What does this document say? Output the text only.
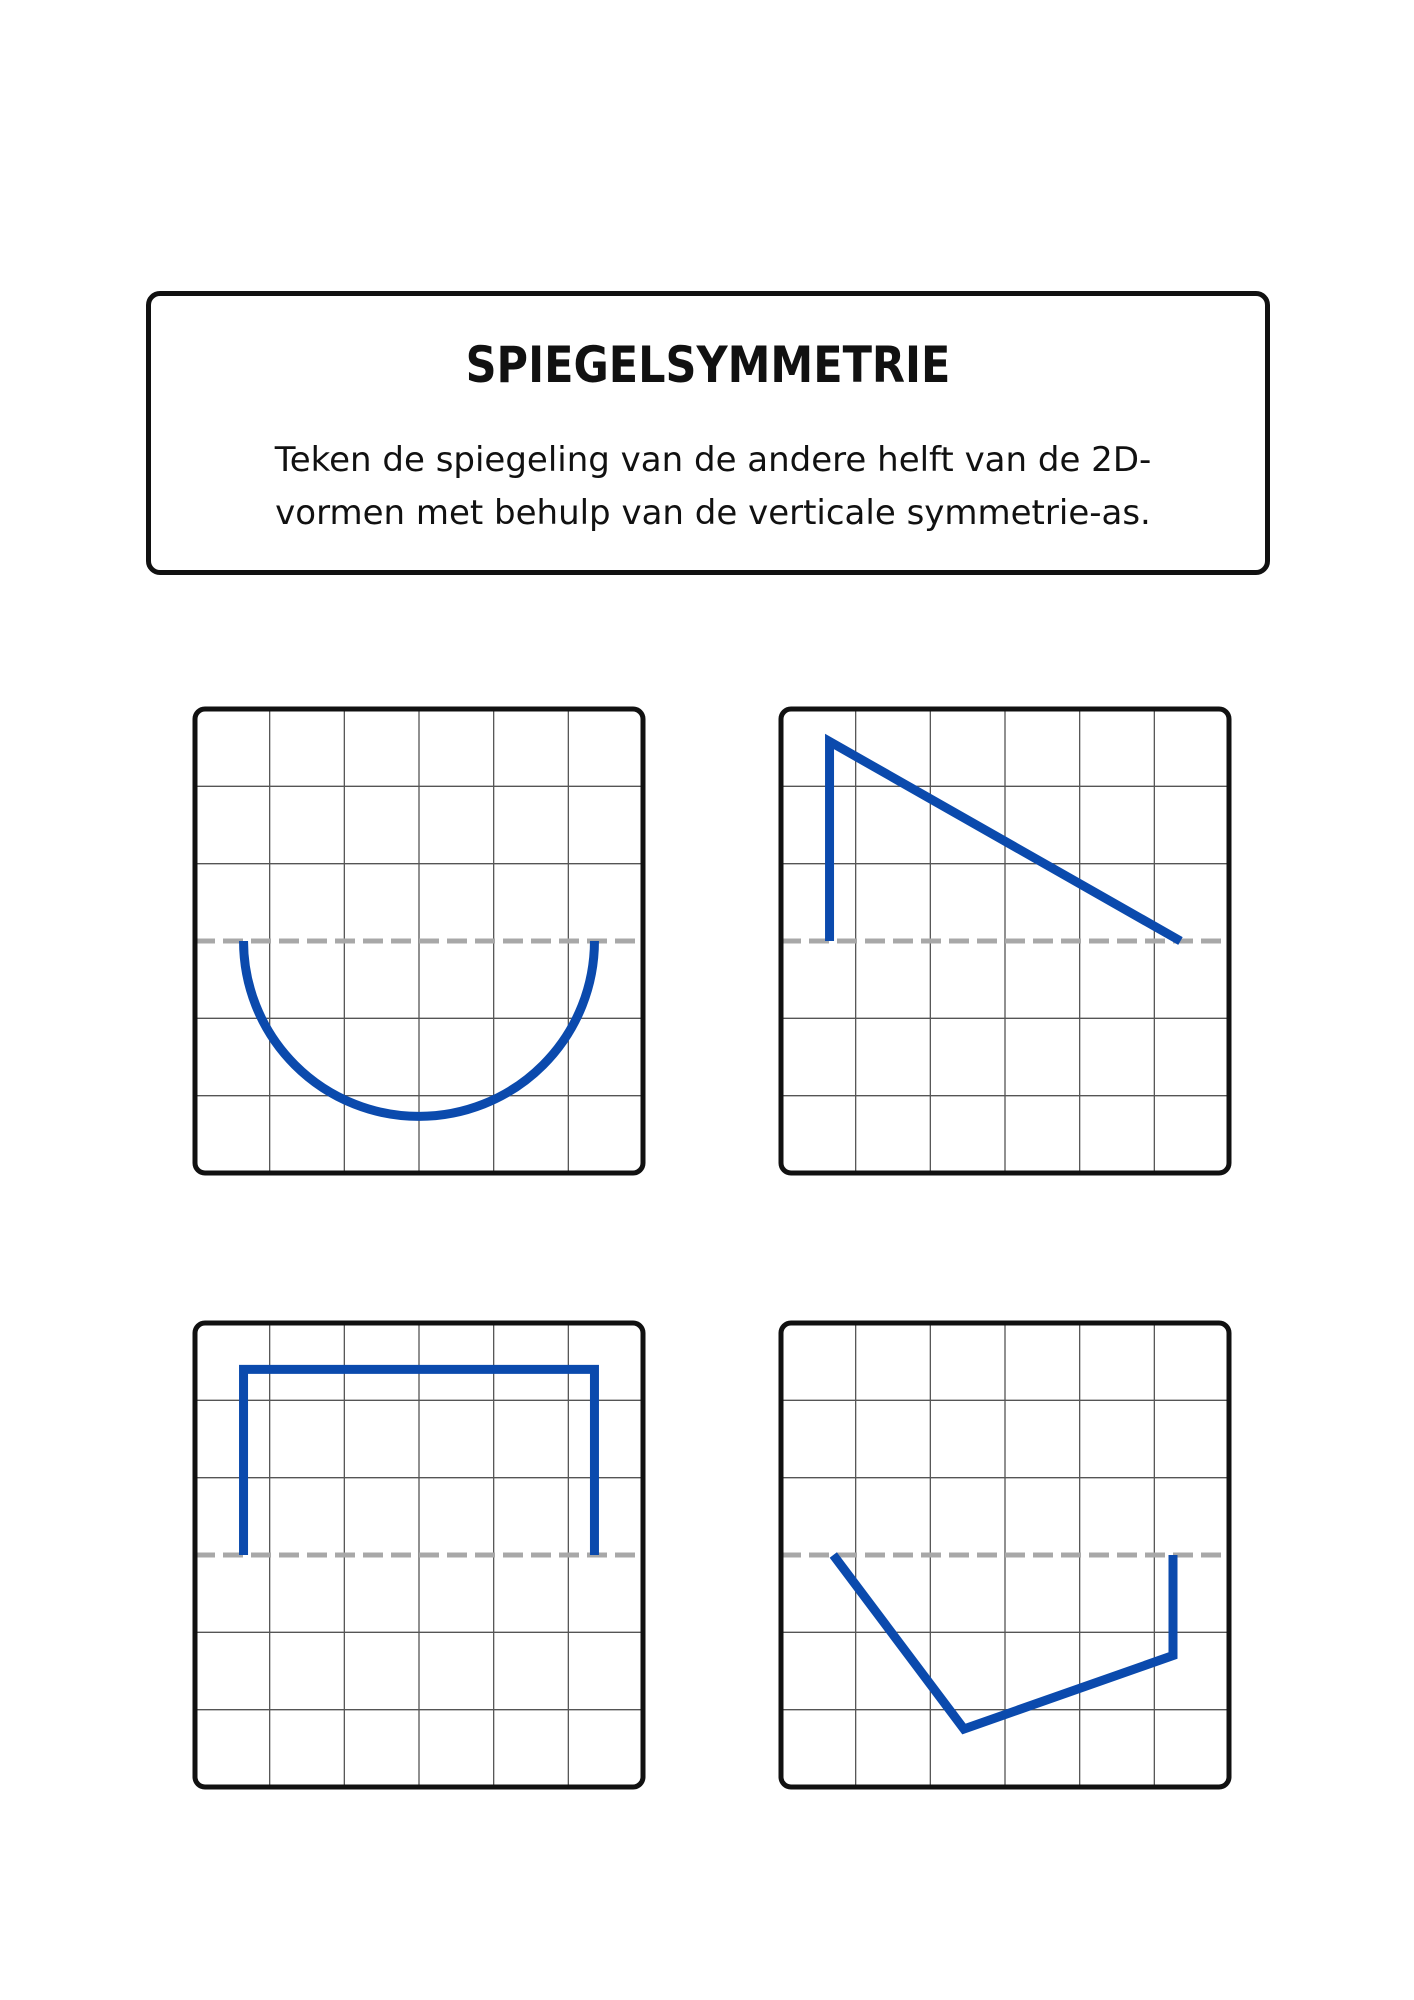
SPIEGELSYMMETRIE
Teken de spiegeling van de andere helft van de 2D-vormen met behulp van de verticale symmetrie-as.
